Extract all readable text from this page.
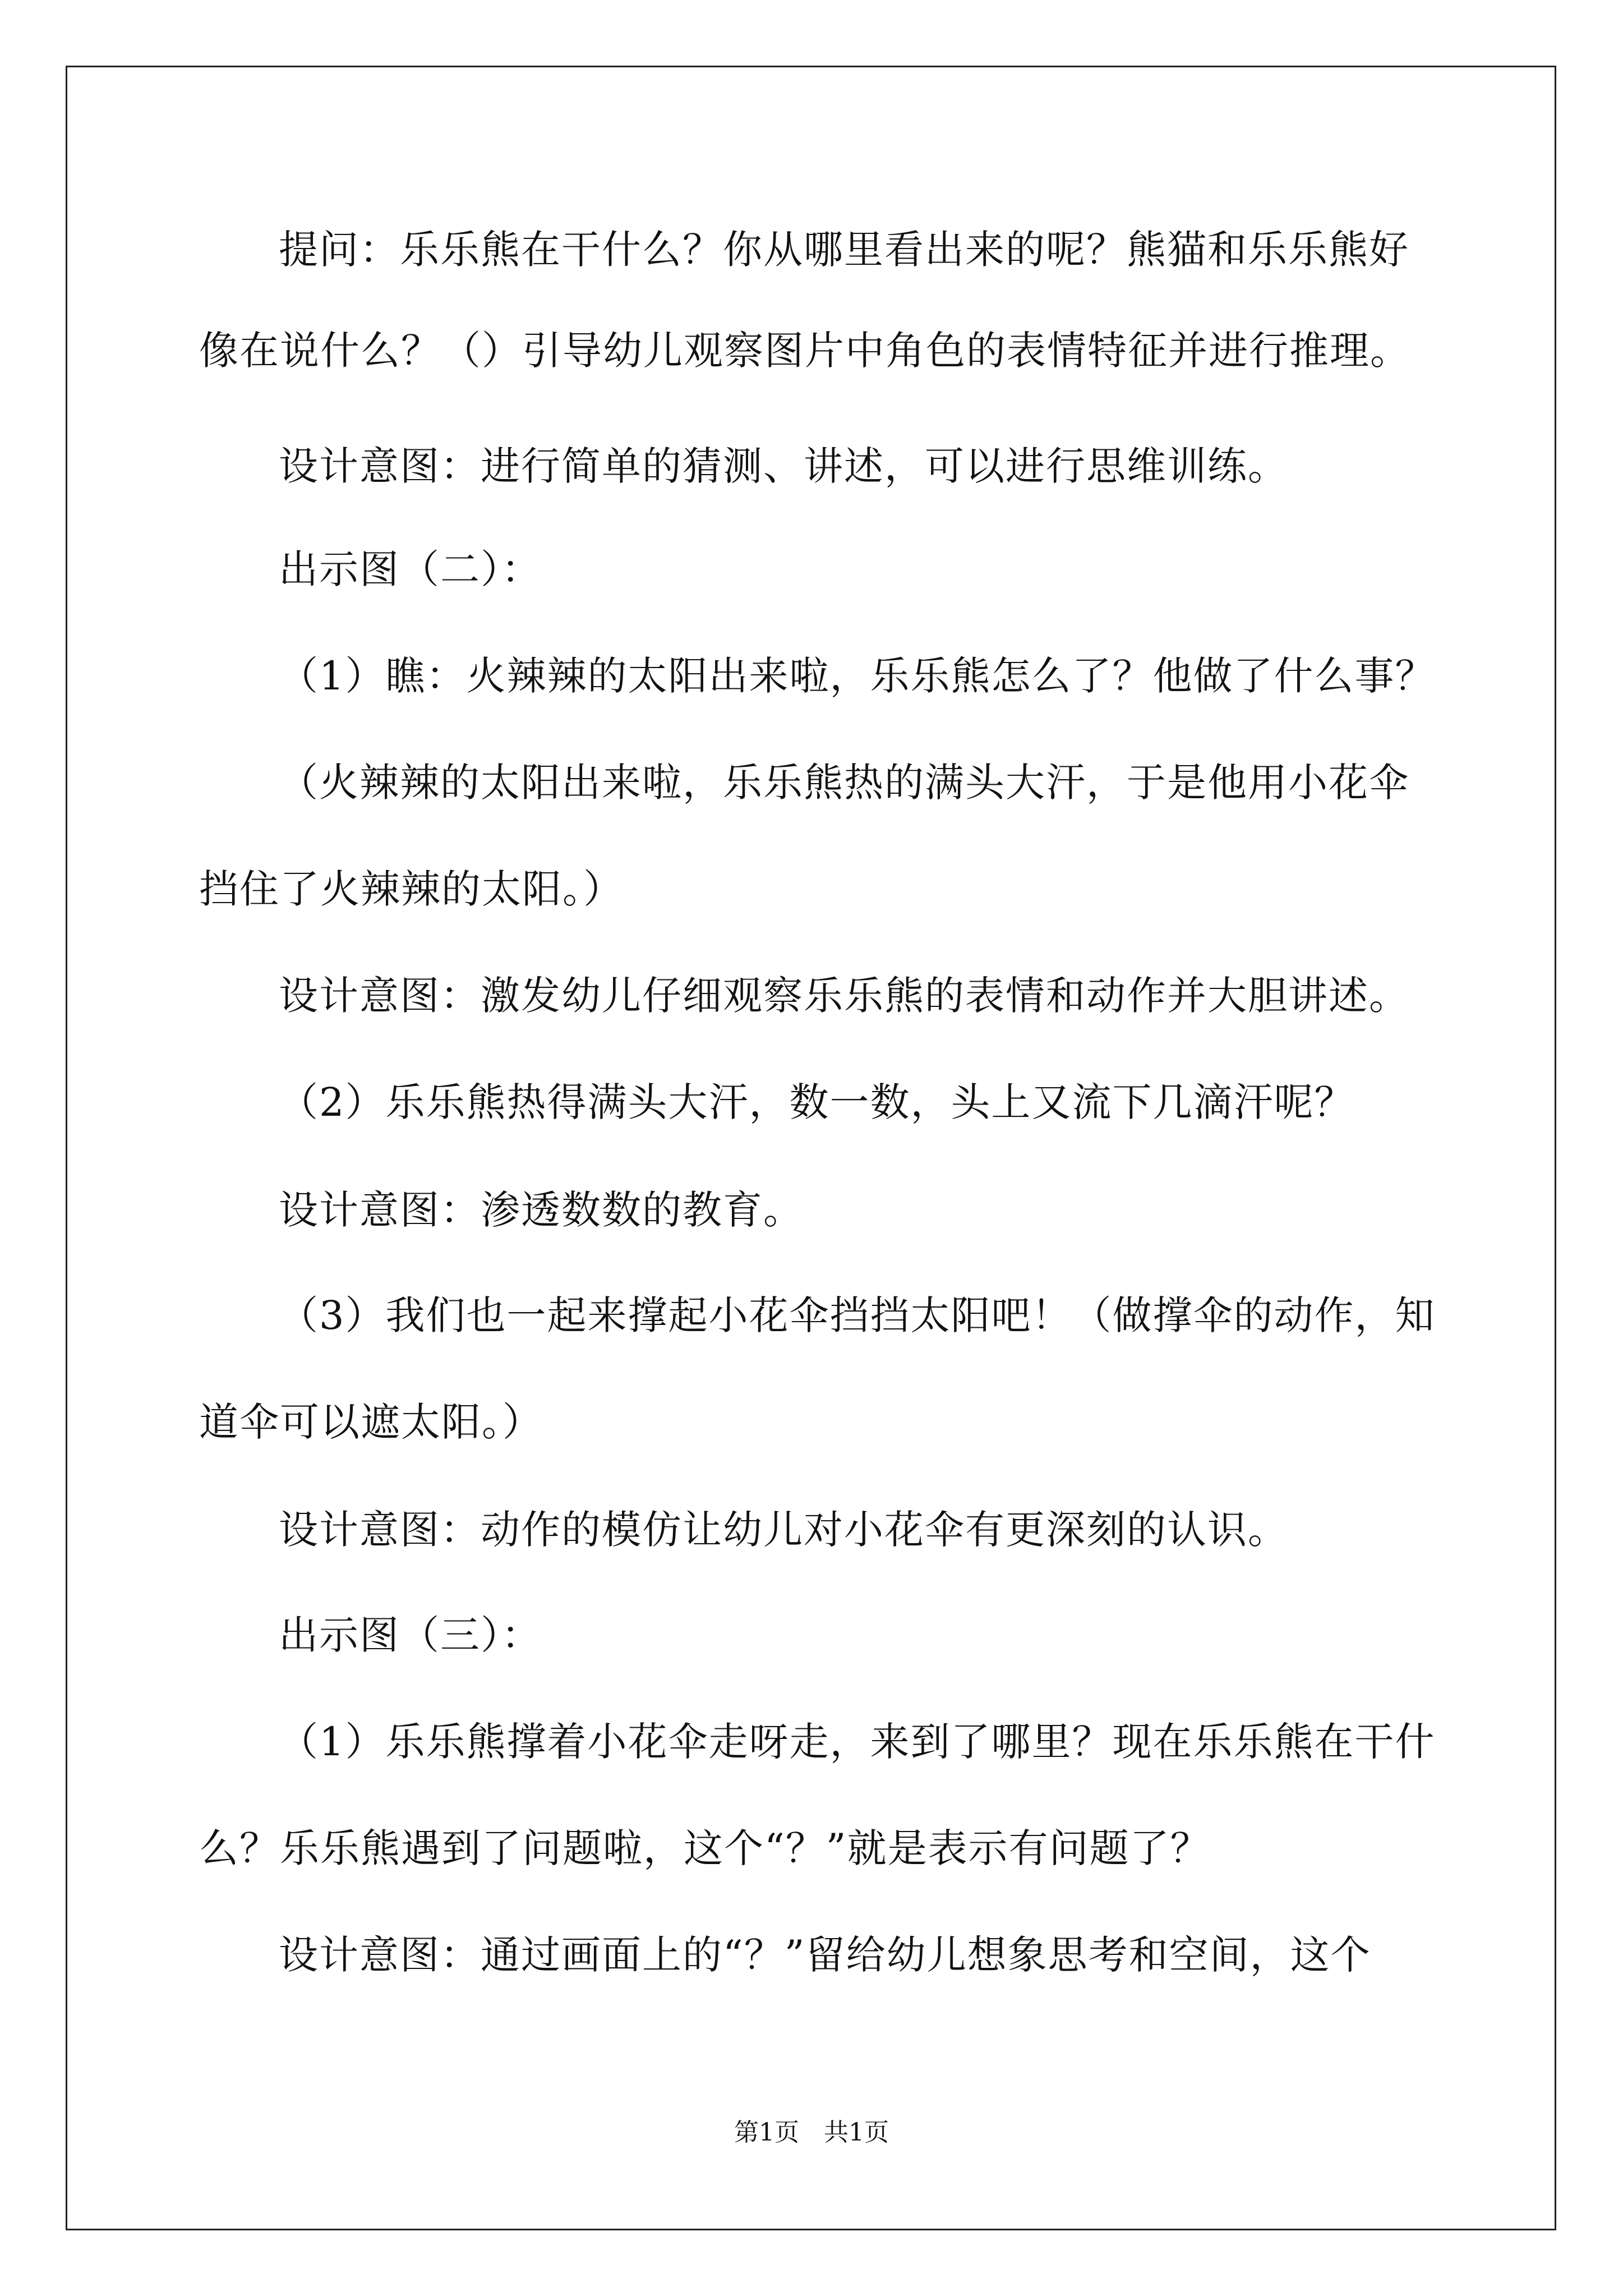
提问：乐乐熊在干什么？你从哪里看出来的呢？熊猫和乐乐熊好
像在说什么？（）引导幼儿观察图片中角色的表情特征并进行推理。
设计意图：进行简单的猜测、讲述，可以进行思维训练。
出示图（二）：
（1）瞧：火辣辣的太阳出来啦，乐乐熊怎么了？他做了什么事？
（火辣辣的太阳出来啦，乐乐熊热的满头大汗，于是他用小花伞
挡住了火辣辣的太阳。）
设计意图：激发幼儿仔细观察乐乐熊的表情和动作并大胆讲述。
（2）乐乐熊热得满头大汗，数一数，头上又流下几滴汗呢？
设计意图：渗透数数的教育。
（3）我们也一起来撑起小花伞挡挡太阳吧！（做撑伞的动作，知
道伞可以遮太阳。）
设计意图：动作的模仿让幼儿对小花伞有更深刻的认识。
出示图（三）：
（1）乐乐熊撑着小花伞走呀走，来到了哪里？现在乐乐熊在干什
么？乐乐熊遇到了问题啦，这个“？”就是表示有问题了？
设计意图：通过画面上的“？”留给幼儿想象思考和空间，这个
第1页　共1页
